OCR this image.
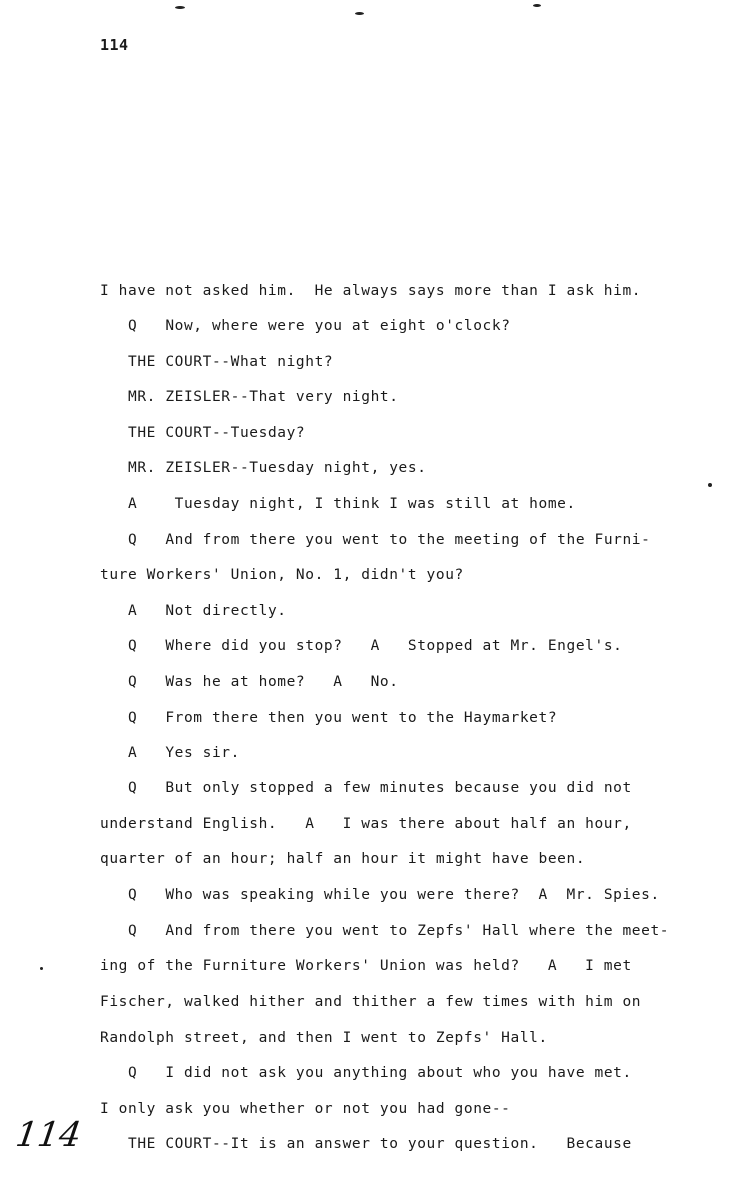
114
I have not asked him.  He always says more than I ask him.
Q   Now, where were you at eight o'clock?
THE COURT--What night?
MR. ZEISLER--That very night.
THE COURT--Tuesday?
MR. ZEISLER--Tuesday night, yes.
A    Tuesday night, I think I was still at home.
Q   And from there you went to the meeting of the Furni-
ture Workers' Union, No. 1, didn't you?
A   Not directly.
Q   Where did you stop?   A   Stopped at Mr. Engel's.
Q   Was he at home?   A   No.
Q   From there then you went to the Haymarket?
A   Yes sir.
Q   But only stopped a few minutes because you did not
understand English.   A   I was there about half an hour,
quarter of an hour; half an hour it might have been.
Q   Who was speaking while you were there?  A  Mr. Spies.
Q   And from there you went to Zepfs' Hall where the meet-
ing of the Furniture Workers' Union was held?   A   I met
Fischer, walked hither and thither a few times with him on
Randolph street, and then I went to Zepfs' Hall.
Q   I did not ask you anything about who you have met.
I only ask you whether or not you had gone--
THE COURT--It is an answer to your question.   Because
114
